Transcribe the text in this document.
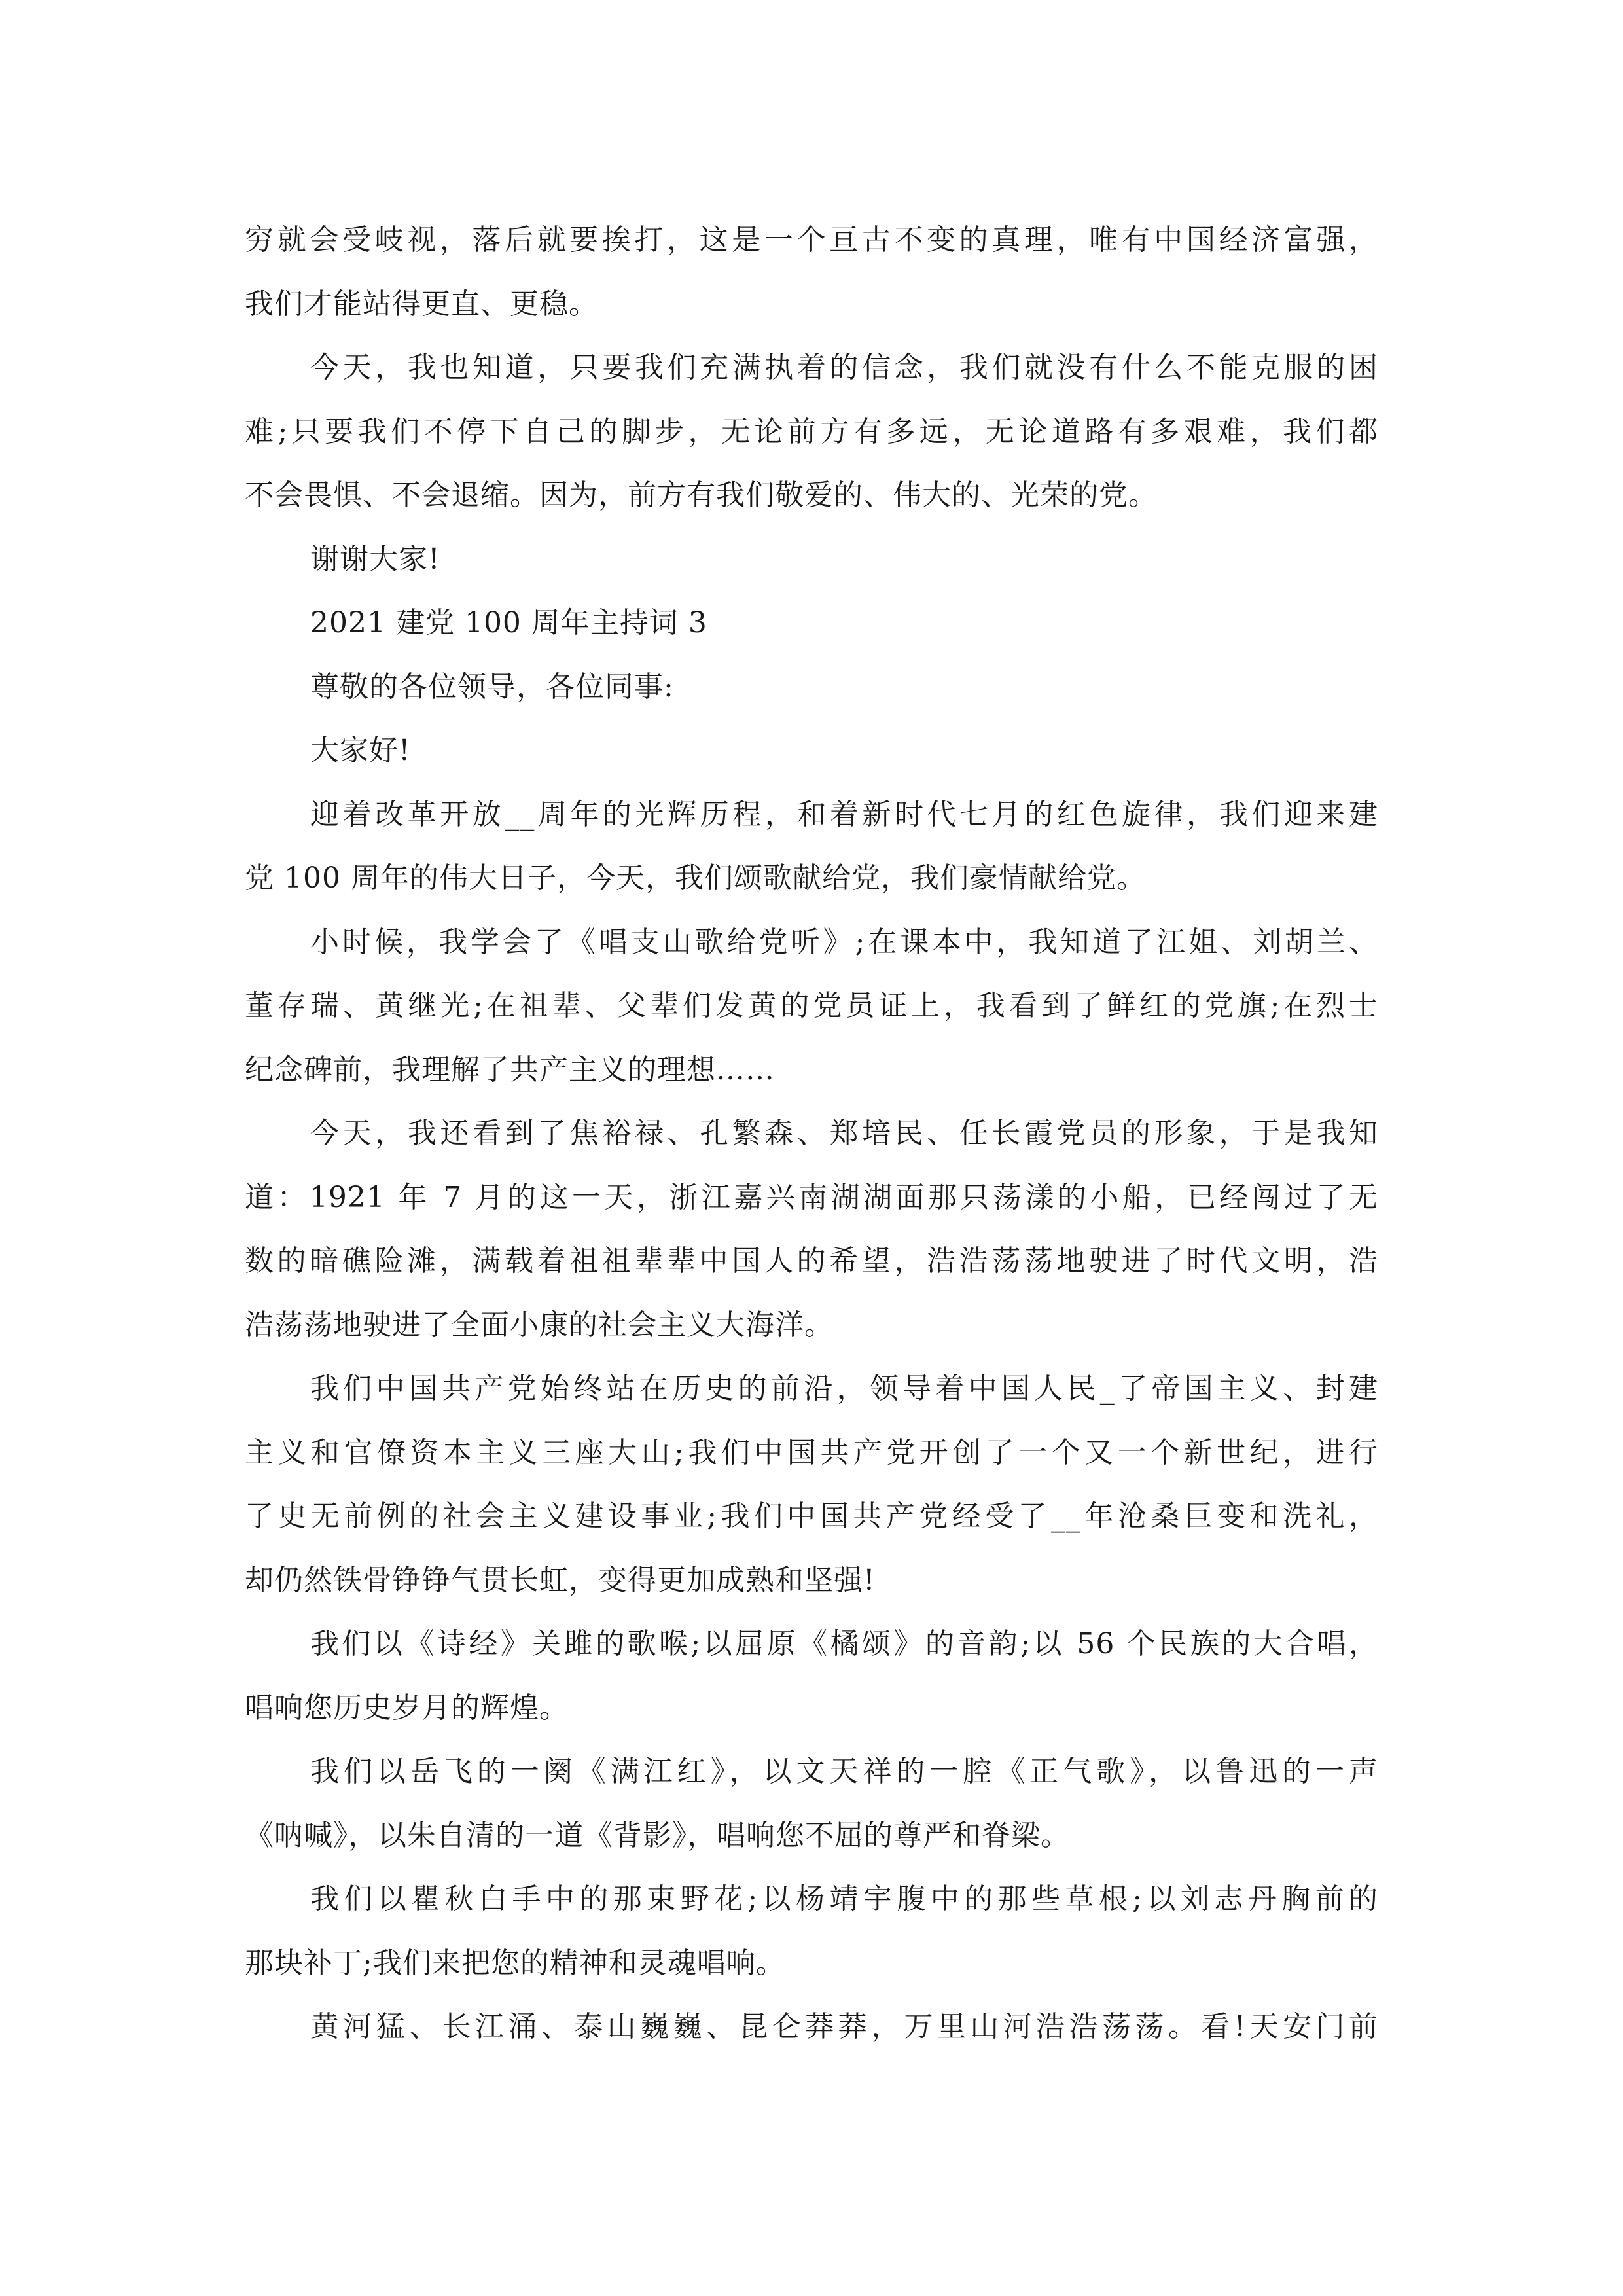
穷就会受岐视，落后就要挨打，这是一个亘古不变的真理，唯有中国经济富强，
我们才能站得更直、更稳。
今天，我也知道，只要我们充满执着的信念，我们就没有什么不能克服的困
难;只要我们不停下自己的脚步，无论前方有多远，无论道路有多艰难，我们都
不会畏惧、不会退缩。因为，前方有我们敬爱的、伟大的、光荣的党。
谢谢大家!
2021 建党 100 周年主持词 3
尊敬的各位领导，各位同事:
大家好!
迎着改革开放__周年的光辉历程，和着新时代七月的红色旋律，我们迎来建
党 100 周年的伟大日子，今天，我们颂歌献给党，我们豪情献给党。
小时候，我学会了《唱支山歌给党听》;在课本中，我知道了江姐、刘胡兰、
董存瑞、黄继光;在祖辈、父辈们发黄的党员证上，我看到了鲜红的党旗;在烈士
纪念碑前，我理解了共产主义的理想……
今天，我还看到了焦裕禄、孔繁森、郑培民、任长霞党员的形象，于是我知
道：1921 年 7 月的这一天，浙江嘉兴南湖湖面那只荡漾的小船，已经闯过了无
数的暗礁险滩，满载着祖祖辈辈中国人的希望，浩浩荡荡地驶进了时代文明，浩
浩荡荡地驶进了全面小康的社会主义大海洋。
我们中国共产党始终站在历史的前沿，领导着中国人民_了帝国主义、封建
主义和官僚资本主义三座大山;我们中国共产党开创了一个又一个新世纪，进行
了史无前例的社会主义建设事业;我们中国共产党经受了__年沧桑巨变和洗礼，
却仍然铁骨铮铮气贯长虹，变得更加成熟和坚强!
我们以《诗经》关雎的歌喉;以屈原《橘颂》的音韵;以 56 个民族的大合唱，
唱响您历史岁月的辉煌。
我们以岳飞的一阕《满江红》，以文天祥的一腔《正气歌》，以鲁迅的一声
《呐喊》，以朱自清的一道《背影》，唱响您不屈的尊严和脊梁。
我们以瞿秋白手中的那束野花;以杨靖宇腹中的那些草根;以刘志丹胸前的
那块补丁;我们来把您的精神和灵魂唱响。
黄河猛、长江涌、泰山巍巍、昆仑莽莽，万里山河浩浩荡荡。看!天安门前
